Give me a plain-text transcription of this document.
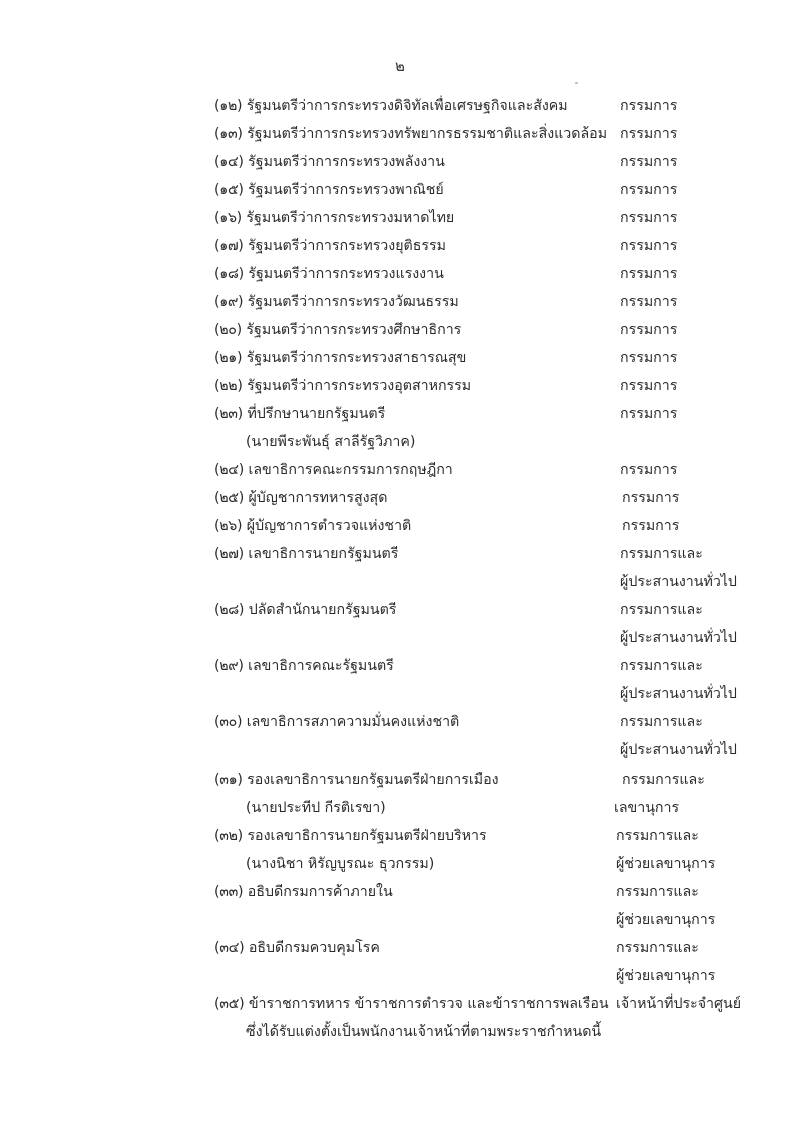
๒
(๑๒) รัฐมนตรีว่าการกระทรวงดิจิทัลเพื่อเศรษฐกิจและสังคม	กรรมการ
(๑๓) รัฐมนตรีว่าการกระทรวงทรัพยากรธรรมชาติและสิ่งแวดล้อม กรรมการ
(๑๔) รัฐมนตรีว่าการกระทรวงพลังงาน	กรรมการ
(๑๕) รัฐมนตรีว่าการกระทรวงพาณิชย์	กรรมการ
(๑๖) รัฐมนตรีว่าการกระทรวงมหาดไทย	กรรมการ
(๑๗) รัฐมนตรีว่าการกระทรวงยุติธรรม	กรรมการ
(๑๘) รัฐมนตรีว่าการกระทรวงแรงงาน	กรรมการ
(๑๙) รัฐมนตรีว่าการกระทรวงวัฒนธรรม	กรรมการ
(๒๐) รัฐมนตรีว่าการกระทรวงศึกษาธิการ	กรรมการ
(๒๑) รัฐมนตรีว่าการกระทรวงสาธารณสุข	กรรมการ
(๒๒) รัฐมนตรีว่าการกระทรวงอุตสาหกรรม	กรรมการ
(๒๓) ที่ปรึกษานายกรัฐมนตรี	กรรมการ
(นายพีระพันธุ์ สาลีรัฐวิภาค)
(๒๔) เลขาธิการคณะกรรมการกฤษฎีกา	กรรมการ
(๒๕) ผู้บัญชาการทหารสูงสุด	กรรมการ
(๒๖) ผู้บัญชาการตำรวจแห่งชาติ	กรรมการ
(๒๗) เลขาธิการนายกรัฐมนตรี	กรรมการและ
ผู้ประสานงานทั่วไป
(๒๘) ปลัดสำนักนายกรัฐมนตรี	กรรมการและ
ผู้ประสานงานทั่วไป
(๒๙) เลขาธิการคณะรัฐมนตรี	กรรมการและ
ผู้ประสานงานทั่วไป
(๓๐) เลขาธิการสภาความมั่นคงแห่งชาติ	กรรมการและ
ผู้ประสานงานทั่วไป
(๓๑) รองเลขาธิการนายกรัฐมนตรีฝ่ายการเมือง	กรรมการและ
(นายประทีป กีรติเรขา)	เลขานุการ
(๓๒) รองเลขาธิการนายกรัฐมนตรีฝ่ายบริหาร	กรรมการและ
(นางนิชา หิรัญบูรณะ ธุวกรรม)	ผู้ช่วยเลขานุการ
(๓๓) อธิบดีกรมการค้าภายใน	กรรมการและ
ผู้ช่วยเลขานุการ
(๓๔) อธิบดีกรมควบคุมโรค	กรรมการและ
ผู้ช่วยเลขานุการ
(๓๕) ข้าราชการทหาร ข้าราชการตำรวจ และข้าราชการพลเรือน เจ้าหน้าที่ประจำศูนย์
ซึ่งได้รับแต่งตั้งเป็นพนักงานเจ้าหน้าที่ตามพระราชกำหนดนี้
